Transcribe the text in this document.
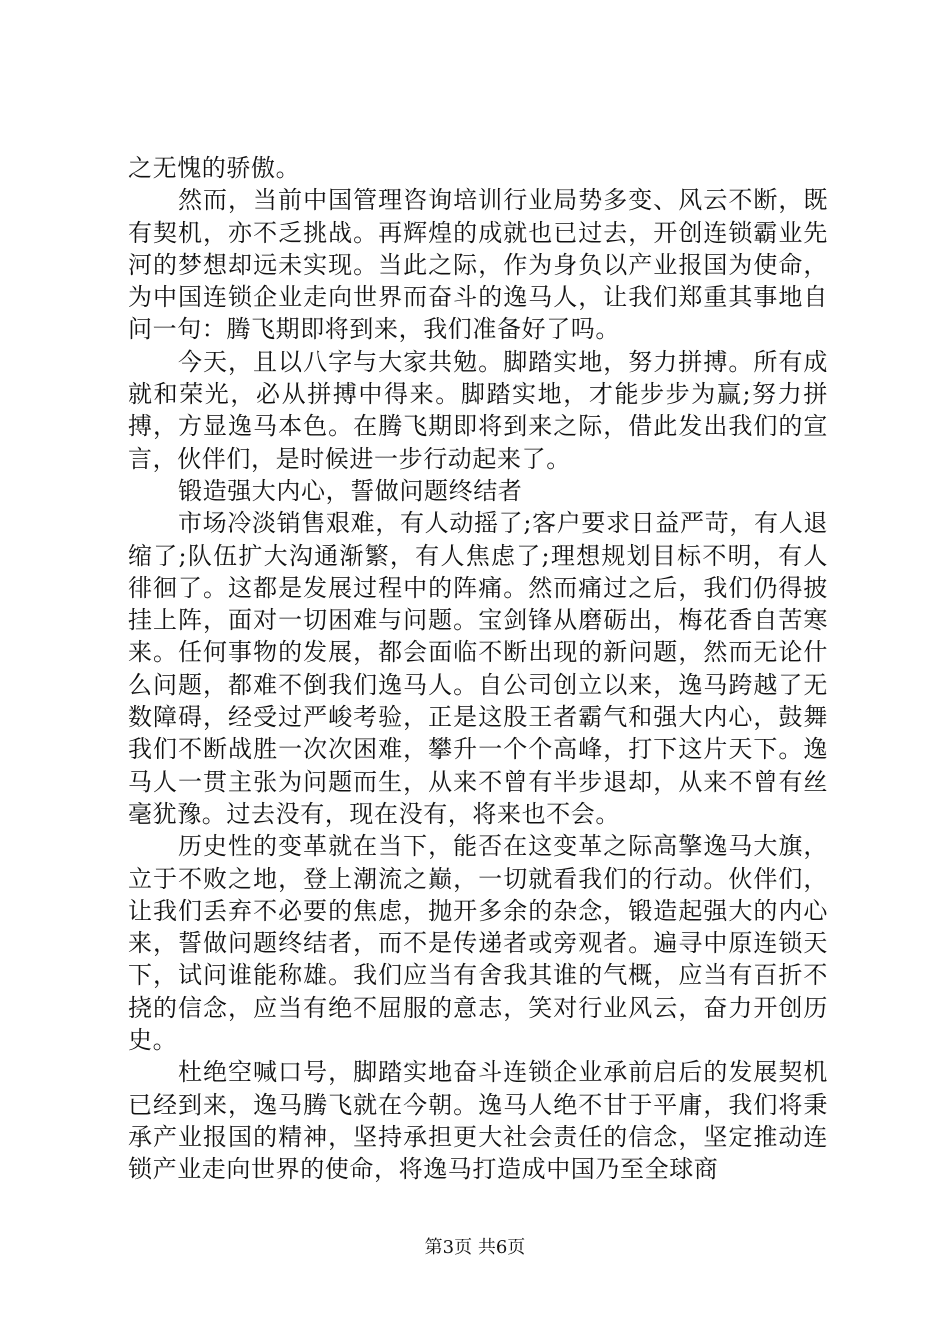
之无愧的骄傲。

然而，当前中国管理咨询培训行业局势多变、风云不断，既有契机，亦不乏挑战。再辉煌的成就也已过去，开创连锁霸业先河的梦想却远未实现。当此之际，作为身负以产业报国为使命，为中国连锁企业走向世界而奋斗的逸马人，让我们郑重其事地自问一句：腾飞期即将到来，我们准备好了吗。

今天，且以八字与大家共勉。脚踏实地，努力拼搏。所有成就和荣光，必从拼搏中得来。脚踏实地，才能步步为赢;努力拼搏，方显逸马本色。在腾飞期即将到来之际，借此发出我们的宣言，伙伴们，是时候进一步行动起来了。

锻造强大内心，誓做问题终结者

市场冷淡销售艰难，有人动摇了;客户要求日益严苛，有人退缩了;队伍扩大沟通渐繁，有人焦虑了;理想规划目标不明，有人徘徊了。这都是发展过程中的阵痛。然而痛过之后，我们仍得披挂上阵，面对一切困难与问题。宝剑锋从磨砺出，梅花香自苦寒来。任何事物的发展，都会面临不断出现的新问题，然而无论什么问题，都难不倒我们逸马人。自公司创立以来，逸马跨越了无数障碍，经受过严峻考验，正是这股王者霸气和强大内心，鼓舞我们不断战胜一次次困难，攀升一个个高峰，打下这片天下。逸马人一贯主张为问题而生，从来不曾有半步退却，从来不曾有丝毫犹豫。过去没有，现在没有，将来也不会。

历史性的变革就在当下，能否在这变革之际高擎逸马大旗，立于不败之地，登上潮流之巅，一切就看我们的行动。伙伴们，让我们丢弃不必要的焦虑，抛开多余的杂念，锻造起强大的内心来，誓做问题终结者，而不是传递者或旁观者。遍寻中原连锁天下，试问谁能称雄。我们应当有舍我其谁的气概，应当有百折不挠的信念，应当有绝不屈服的意志，笑对行业风云，奋力开创历史。

杜绝空喊口号，脚踏实地奋斗连锁企业承前启后的发展契机已经到来，逸马腾飞就在今朝。逸马人绝不甘于平庸，我们将秉承产业报国的精神，坚持承担更大社会责任的信念，坚定推动连锁产业走向世界的使命，将逸马打造成中国乃至全球商

第3页 共6页
